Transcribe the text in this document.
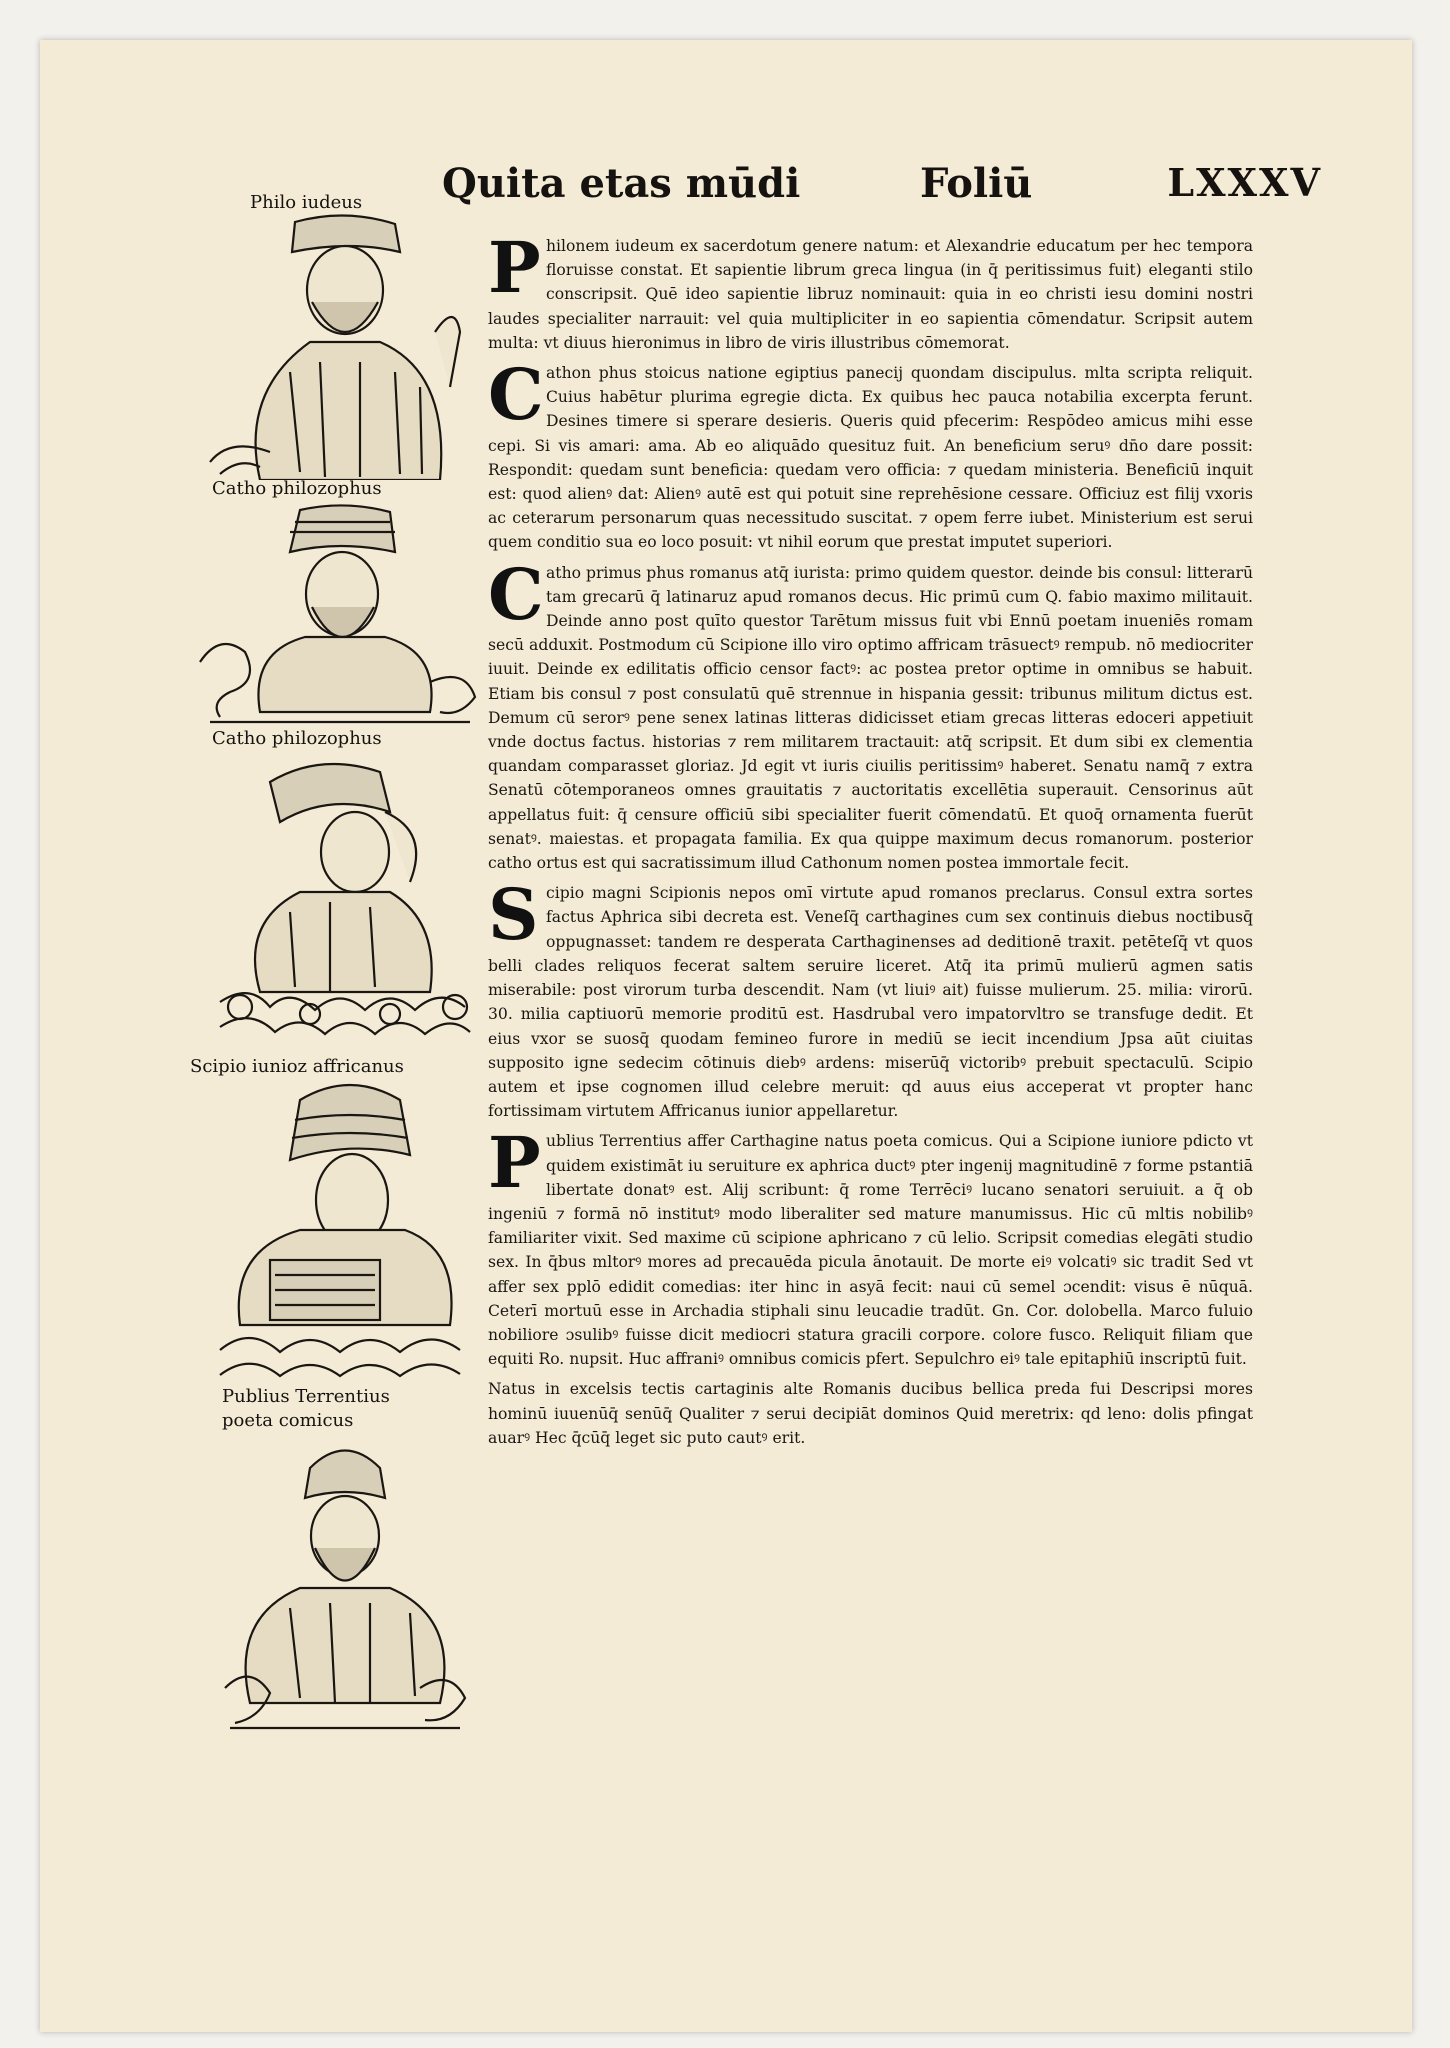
Quita etas mūdi	Foliū	LXXXV
Philo iudeus
Catho philozophus
Catho philozophus
Scipio iunioz affricanus
Publius Terrentius
poeta comicus
P hilonem iudeum ex sacerdotum genere natum: et Alexandrie educatum per hec tempora floruisse constat. Et sapientie librum greca lingua (in q̄ peritissimus fuit) eleganti stilo conscripsit. Quē ideo sapientie libruz nominauit: quia in eo christi iesu domini nostri laudes specialiter narrauit: vel quia multipliciter in eo sapientia cōmendatur. Scripsit autem multa: vt diuus hieronimus in libro de viris illustribus cōmemorat.
C athon phus stoicus natione egiptius panecij quondam discipulus. mlta scripta reliquit. Cuius habētur plurima egregie dicta. Ex quibus hec pauca notabilia excerpta ferunt. Desines timere si sperare desieris. Queris quid pfecerim: Respōdeo amicus mihi esse cepi. Si vis amari: ama. Ab eo aliquādo quesituz fuit. An beneficium seruꝰ dn̄o dare possit: Respondit: quedam sunt beneficia: quedam vero officia: ⁊ quedam ministeria. Beneficiū inquit est: quod alienꝰ dat: Alienꝰ autē est qui potuit sine reprehēsione cessare. Officiuz est filij vxoris ac ceterarum personarum quas necessitudo suscitat. ⁊ opem ferre iubet. Ministerium est serui quem conditio sua eo loco posuit: vt nihil eorum que prestat imputet superiori.
C atho primus phus romanus atq̄ iurista: primo quidem questor. deinde bis consul: litterarū tam grecarū q̄ latinaruz apud romanos decus. Hic primū cum Q. fabio maximo militauit. Deinde anno post quīto questor Tarētum missus fuit vbi Ennū poetam inueniēs romam secū adduxit. Postmodum cū Scipione illo viro optimo affricam trāsuectꝰ rempub. nō mediocriter iuuit. Deinde ex edilitatis officio censor factꝰ: ac postea pretor optime in omnibus se habuit. Etiam bis consul ⁊ post consulatū quē strennue in hispania gessit: tribunus militum dictus est. Demum cū serorꝰ pene senex latinas litteras didicisset etiam grecas litteras edoceri appetiuit vnde doctus factus. historias ⁊ rem militarem tractauit: atq̄ scripsit. Et dum sibi ex clementia quandam comparasset gloriaz. Jd egit vt iuris ciuilis peritissimꝰ haberet. Senatu namq̄ ⁊ extra Senatū cōtemporaneos omnes grauitatis ⁊ auctoritatis excellētia superauit. Censorinus aūt appellatus fuit: q̄ censure officiū sibi specialiter fuerit cōmendatū. Et quoq̄ ornamenta fuerūt senatꝰ. maiestas. et propagata familia. Ex qua quippe maximum decus romanorum. posterior catho ortus est qui sacratissimum illud Cathonum nomen postea immortale fecit.
S cipio magni Scipionis nepos omī virtute apud romanos preclarus. Consul extra sortes factus Aphrica sibi decreta est. Veneſq̄ carthagines cum sex continuis diebus noctibusq̄ oppugnasset: tandem re desperata Carthaginenses ad deditionē traxit. petēteſq̄ vt quos belli clades reliquos fecerat saltem seruire liceret. Atq̄ ita primū mulierū agmen satis miserabile: post virorum turba descendit. Nam (vt liuiꝰ ait) fuisse mulierum. 25. milia: virorū. 30. milia captiuorū memorie proditū est. Hasdrubal vero impatorvltro se transfuge dedit. Et eius vxor se suosq̄ quodam femineo furore in mediū se iecit incendium Jpsa aūt ciuitas supposito igne sedecim cōtinuis diebꝰ ardens: miserūq̄ victoribꝰ prebuit spectaculū. Scipio autem et ipse cognomen illud celebre meruit: qd auus eius acceperat vt propter hanc fortissimam virtutem Affricanus iunior appellaretur.
P ublius Terrentius affer Carthagine natus poeta comicus. Qui a Scipione iuniore pdicto vt quidem existimāt iu seruiture ex aphrica ductꝰ pter ingenij magnitudinē ⁊ forme pstantiā libertate donatꝰ est. Alij scribunt: q̄ rome Terrēciꝰ lucano senatori seruiuit. a q̄ ob ingeniū ⁊ formā nō institutꝰ modo liberaliter sed mature manumissus. Hic cū mltis nobilibꝰ familiariter vixit. Sed maxime cū scipione aphricano ⁊ cū lelio. Scripsit comedias elegāti studio sex. In q̄bus mltorꝰ mores ad precauēda picula ānotauit. De morte eiꝰ volcatiꝰ sic tradit Sed vt affer sex pplō edidit comedias: iter hinc in asyā fecit: naui cū semel ɔcendit: visus ē nūquā. Ceterī mortuū esse in Archadia stiphali sinu leucadie tradūt. Gn. Cor. dolobella. Marco fuluio nobiliore ɔsulibꝰ fuisse dicit mediocri statura gracili corpore. colore fusco. Reliquit filiam que equiti Ro. nupsit. Huc affraniꝰ omnibus comicis pfert. Sepulchro eiꝰ tale epitaphiū inscriptū fuit.
Natus in excelsis tectis cartaginis alte Romanis ducibus bellica preda fui Descripsi mores hominū iuuenūq̄ senūq̄ Qualiter ⁊ serui decipiāt dominos Quid meretrix: qd leno: dolis pfingat auarꝰ Hec q̄cūq̄ leget sic puto cautꝰ erit.
